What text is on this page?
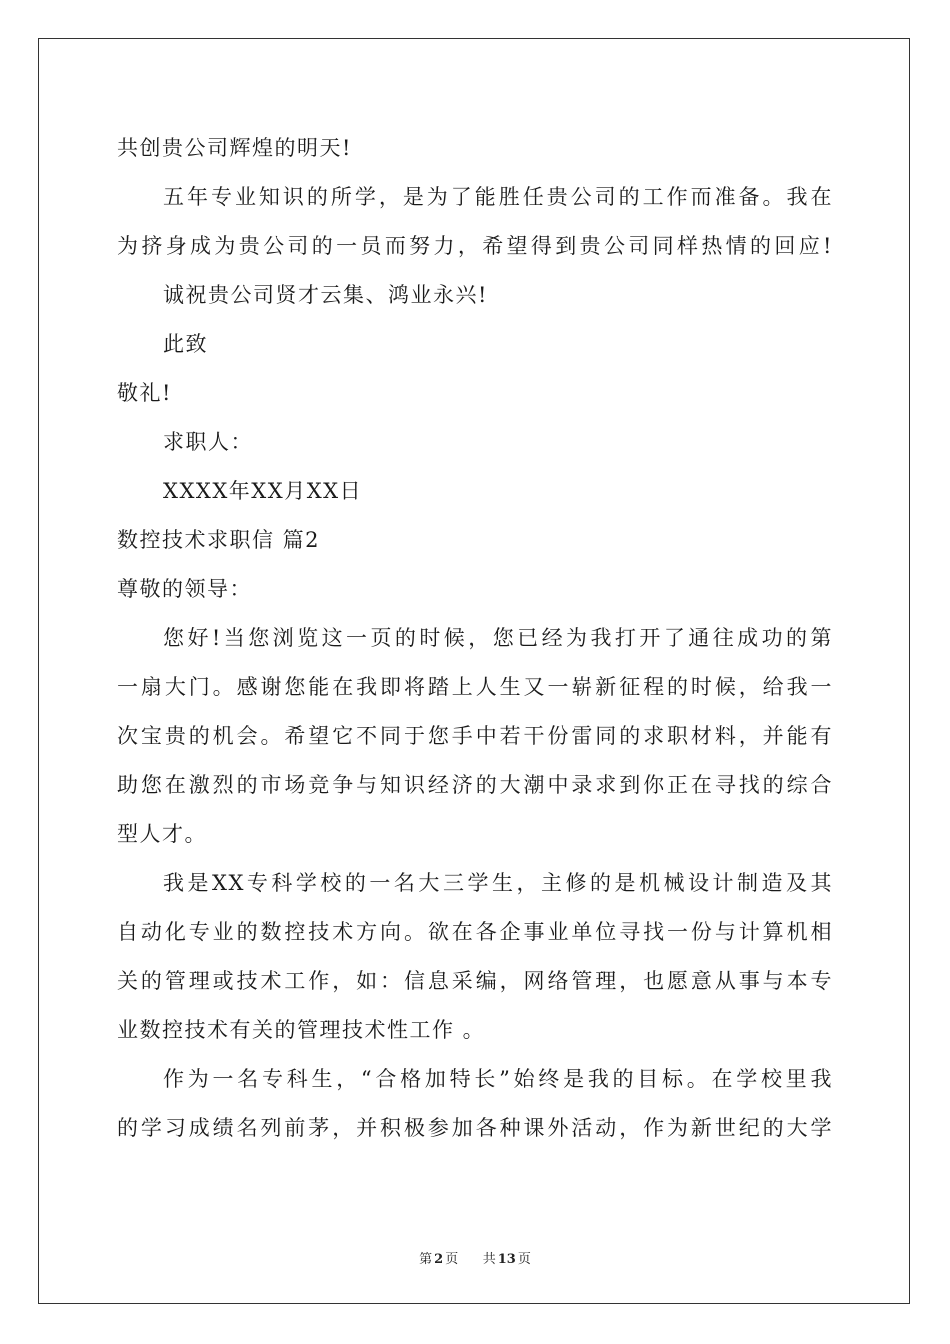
共创贵公司辉煌的明天!
五年专业知识的所学，是为了能胜任贵公司的工作而准备。我在
为挤身成为贵公司的一员而努力，希望得到贵公司同样热情的回应!
诚祝贵公司贤才云集、鸿业永兴!
此致
敬礼!
求职人：
XXXX年XX月XX日
数控技术求职信 篇2
尊敬的领导：
您好!当您浏览这一页的时候，您已经为我打开了通往成功的第
一扇大门。感谢您能在我即将踏上人生又一崭新征程的时候，给我一
次宝贵的机会。希望它不同于您手中若干份雷同的求职材料，并能有
助您在激烈的市场竞争与知识经济的大潮中录求到你正在寻找的综合
型人才。
我是XX专科学校的一名大三学生，主修的是机械设计制造及其
自动化专业的数控技术方向。欲在各企事业单位寻找一份与计算机相
关的管理或技术工作，如：信息采编，网络管理，也愿意从事与本专
业数控技术有关的管理技术性工作 。
作为一名专科生，“合格加特长”始终是我的目标。在学校里我
的学习成绩名列前茅，并积极参加各种课外活动，作为新世纪的大学
第 2 页 共 13 页
